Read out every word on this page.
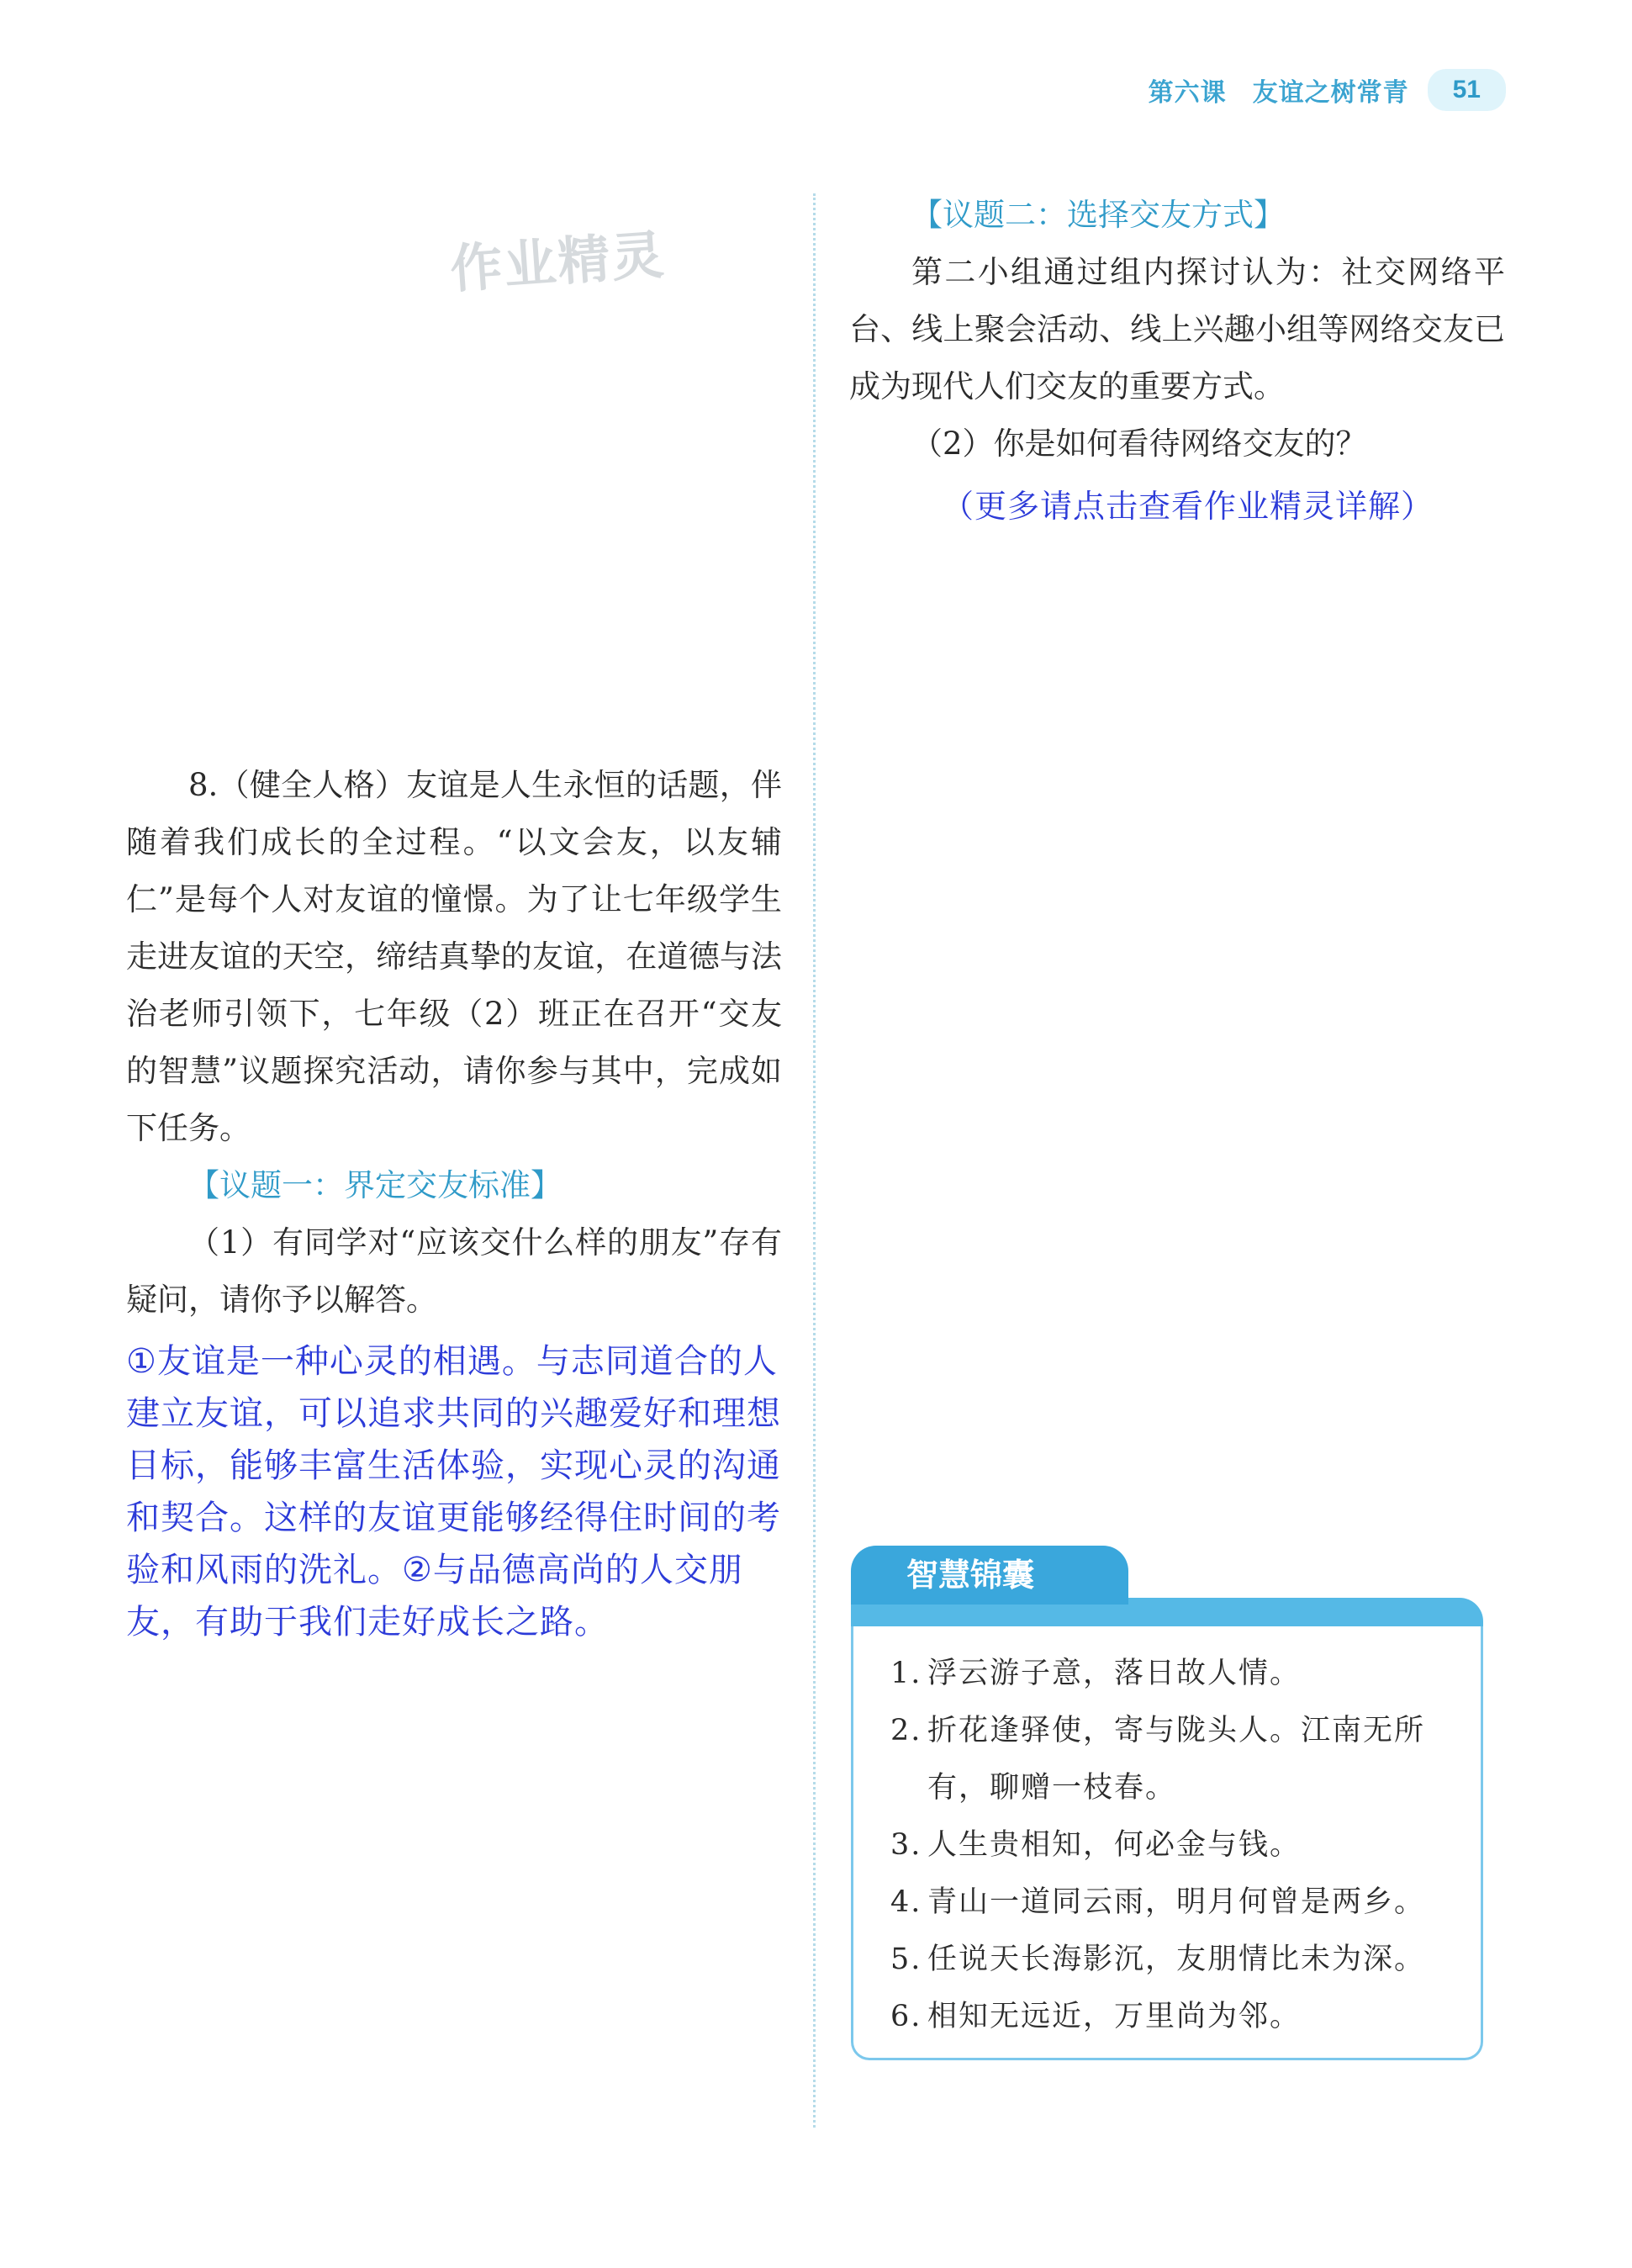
第六课　友谊之树常青	51
作业精灵

8.（健全人格）友谊是人生永恒的话题，伴随着我们成长的全过程。“以文会友，以友辅仁”是每个人对友谊的憧憬。为了让七年级学生走进友谊的天空，缔结真挚的友谊，在道德与法治老师引领下，七年级（2）班正在召开“交友的智慧”议题探究活动，请你参与其中，完成如下任务。

【议题一：界定交友标准】

（1）有同学对“应该交什么样的朋友”存有疑问，请你予以解答。

①友谊是一种心灵的相遇。与志同道合的人建立友谊，可以追求共同的兴趣爱好和理想目标，能够丰富生活体验，实现心灵的沟通和契合。这样的友谊更能够经得住时间的考验和风雨的洗礼。②与品德高尚的人交朋友，有助于我们走好成长之路。

【议题二：选择交友方式】

第二小组通过组内探讨认为：社交网络平台、线上聚会活动、线上兴趣小组等网络交友已成为现代人们交友的重要方式。

（2）你是如何看待网络交友的？

（更多请点击查看作业精灵详解）

智慧锦囊
1. 浮云游子意，落日故人情。
2. 折花逢驿使，寄与陇头人。江南无所有，聊赠一枝春。
3. 人生贵相知，何必金与钱。
4. 青山一道同云雨，明月何曾是两乡。
5. 任说天长海影沉，友朋情比未为深。
6. 相知无远近，万里尚为邻。
